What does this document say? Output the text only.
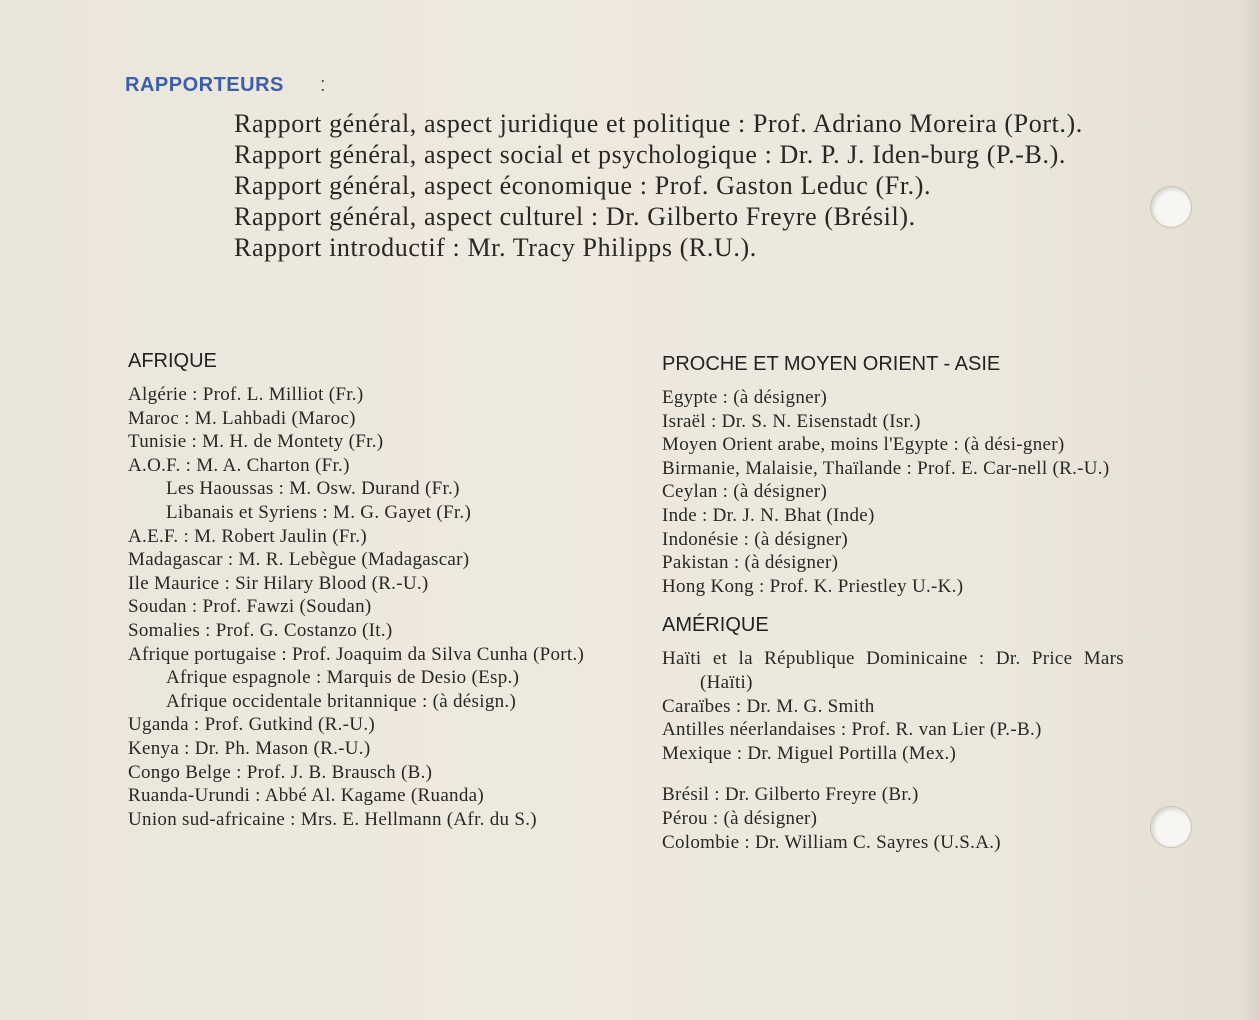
RAPPORTEURS :
Rapport général, aspect juridique et politique : Prof. Adriano Moreira (Port.).
Rapport général, aspect social et psychologique : Dr. P. J. Iden-burg (P.-B.).
Rapport général, aspect économique : Prof. Gaston Leduc (Fr.).
Rapport général, aspect culturel : Dr. Gilberto Freyre (Brésil).
Rapport introductif : Mr. Tracy Philipps (R.U.).
AFRIQUE
Algérie : Prof. L. Milliot (Fr.)
Maroc : M. Lahbadi (Maroc)
Tunisie : M. H. de Montety (Fr.)
A.O.F. : M. A. Charton (Fr.)
Les Haoussas : M. Osw. Durand (Fr.)
Libanais et Syriens : M. G. Gayet (Fr.)
A.E.F. : M. Robert Jaulin (Fr.)
Madagascar : M. R. Lebègue (Madagascar)
Ile Maurice : Sir Hilary Blood (R.-U.)
Soudan : Prof. Fawzi (Soudan)
Somalies : Prof. G. Costanzo (It.)
Afrique portugaise : Prof. Joaquim da Silva Cunha (Port.)
Afrique espagnole : Marquis de Desio (Esp.)
Afrique occidentale britannique : (à désign.)
Uganda : Prof. Gutkind (R.-U.)
Kenya : Dr. Ph. Mason (R.-U.)
Congo Belge : Prof. J. B. Brausch (B.)
Ruanda-Urundi : Abbé Al. Kagame (Ruanda)
Union sud-africaine : Mrs. E. Hellmann (Afr. du S.)
PROCHE ET MOYEN ORIENT - ASIE
Egypte : (à désigner)
Israël : Dr. S. N. Eisenstadt (Isr.)
Moyen Orient arabe, moins l'Egypte : (à dési-gner)
Birmanie, Malaisie, Thaïlande : Prof. E. Car-nell (R.-U.)
Ceylan : (à désigner)
Inde : Dr. J. N. Bhat (Inde)
Indonésie : (à désigner)
Pakistan : (à désigner)
Hong Kong : Prof. K. Priestley U.-K.)
AMÉRIQUE
Haïti et la République Dominicaine : Dr. Price Mars (Haïti)
Caraïbes : Dr. M. G. Smith
Antilles néerlandaises : Prof. R. van Lier (P.-B.)
Mexique : Dr. Miguel Portilla (Mex.)
Brésil : Dr. Gilberto Freyre (Br.)
Pérou : (à désigner)
Colombie : Dr. William C. Sayres (U.S.A.)
